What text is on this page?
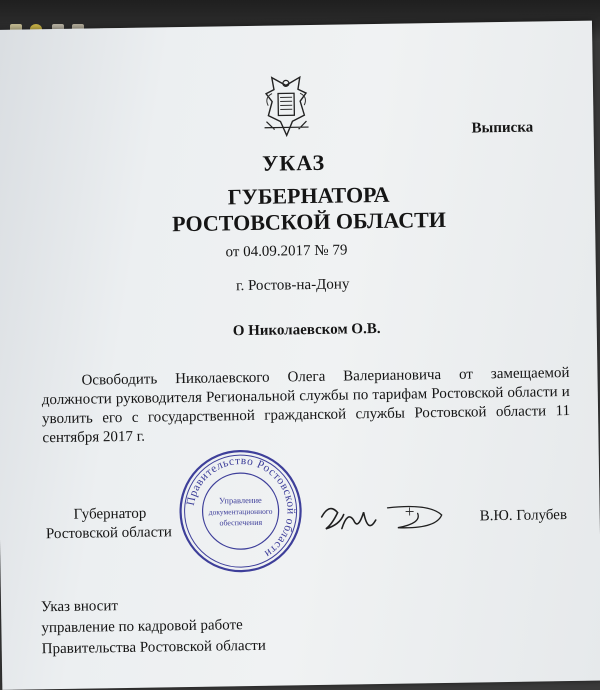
Выписка
УКАЗ
ГУБЕРНАТОРА
РОСТОВСКОЙ ОБЛАСТИ
от 04.09.2017 № 79
г. Ростов-на-Дону
О Николаевском О.В.

Освободить Николаевского Олега Валериановича от замещаемой должности руководителя Региональной службы по тарифам Ростовской области и уволить его с государственной гражданской службы Ростовской области 11 сентября 2017 г.

Губернатор
Ростовской области
В.Ю. Голубев
Правительство Ростовской области
Управление
документационного
обеспечения
Указ вносит
управление по кадровой работе
Правительства Ростовской области
